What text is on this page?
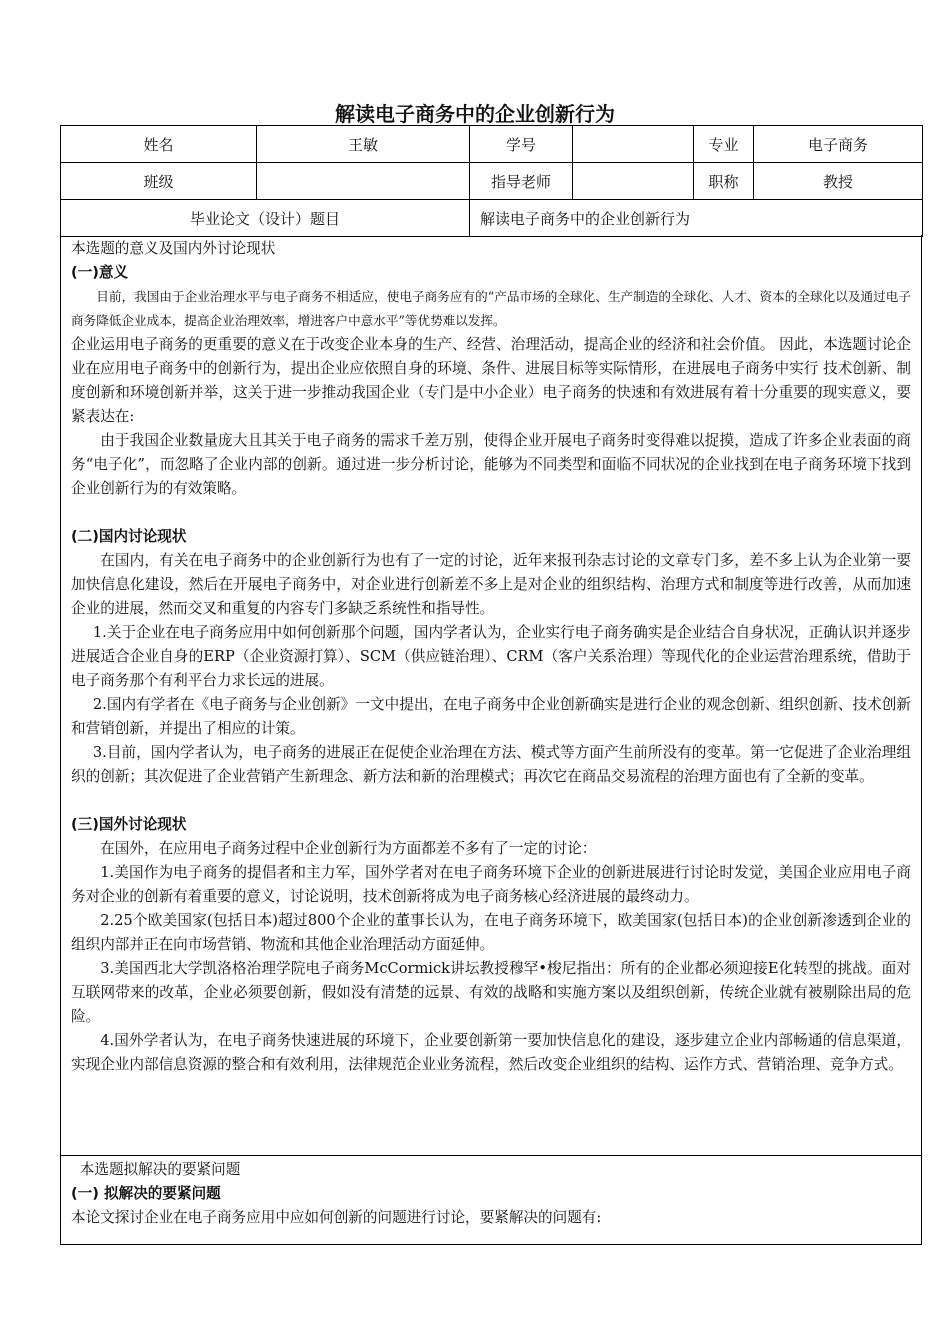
解读电子商务中的企业创新行为
姓名	王敏	学号		专业	电子商务
班级		指导老师		职称	教授
毕业论文（设计）题目		解读电子商务中的企业创新行为			

本选题的意义及国内外讨论现状

(一)意义

目前，我国由于企业治理水平与电子商务不相适应，使电子商务应有的“产品市场的全球化、生产制造的全球化、人才、资本的全球化以及通过电子商务降低企业成本，提高企业治理效率，增进客户中意水平”等优势难以发挥。

企业运用电子商务的更重要的意义在于改变企业本身的生产、经营、治理活动，提高企业的经济和社会价值。 因此，本选题讨论企业在应用电子商务中的创新行为，提出企业应依照自身的环境、条件、进展目标等实际情形，在进展电子商务中实行 技术创新、制度创新和环境创新并举，这关于进一步推动我国企业（专门是中小企业）电子商务的快速和有效进展有着十分重要的现实意义，要紧表达在:

由于我国企业数量庞大且其关于电子商务的需求千差万别，使得企业开展电子商务时变得难以捉摸，造成了许多企业表面的商务“电子化”，而忽略了企业内部的创新。通过进一步分析讨论，能够为不同类型和面临不同状况的企业找到在电子商务环境下找到企业创新行为的有效策略。

(二)国内讨论现状

在国内，有关在电子商务中的企业创新行为也有了一定的讨论，近年来报刊杂志讨论的文章专门多，差不多上认为企业第一要加快信息化建设，然后在开展电子商务中，对企业进行创新差不多上是对企业的组织结构、治理方式和制度等进行改善，从而加速企业的进展，然而交叉和重复的内容专门多缺乏系统性和指导性。

1.关于企业在电子商务应用中如何创新那个问题，国内学者认为，企业实行电子商务确实是企业结合自身状况，正确认识并逐步进展适合企业自身的ERP（企业资源打算）、SCM（供应链治理）、CRM（客户关系治理）等现代化的企业运营治理系统，借助于电子商务那个有利平台力求长远的进展。

2.国内有学者在《电子商务与企业创新》一文中提出，在电子商务中企业创新确实是进行企业的观念创新、组织创新、技术创新和营销创新，并提出了相应的计策。

3.目前，国内学者认为，电子商务的进展正在促使企业治理在方法、模式等方面产生前所没有的变革。第一它促进了企业治理组织的创新；其次促进了企业营销产生新理念、新方法和新的治理模式；再次它在商品交易流程的治理方面也有了全新的变革。

(三)国外讨论现状

在国外，在应用电子商务过程中企业创新行为方面都差不多有了一定的讨论：

1.美国作为电子商务的提倡者和主力军，国外学者对在电子商务环境下企业的创新进展进行讨论时发觉，美国企业应用电子商务对企业的创新有着重要的意义，讨论说明，技术创新将成为电子商务核心经济进展的最终动力。

2.25个欧美国家(包括日本)超过800个企业的董事长认为，在电子商务环境下，欧美国家(包括日本)的企业创新渗透到企业的组织内部并正在向市场营销、物流和其他企业治理活动方面延伸。

3.美国西北大学凯洛格治理学院电子商务McCormick讲坛教授穆罕•梭尼指出：所有的企业都必须迎接E化转型的挑战。面对互联网带来的改革，企业必须要创新，假如没有清楚的远景、有效的战略和实施方案以及组织创新，传统企业就有被剔除出局的危险。

4.国外学者认为，在电子商务快速进展的环境下，企业要创新第一要加快信息化的建设，逐步建立企业内部畅通的信息渠道，实现企业内部信息资源的整合和有效利用，法律规范企业业务流程，然后改变企业组织的结构、运作方式、营销治理、竞争方式。

本选题拟解决的要紧问题

(一) 拟解决的要紧问题

本论文探讨企业在电子商务应用中应如何创新的问题进行讨论，要紧解决的问题有:
